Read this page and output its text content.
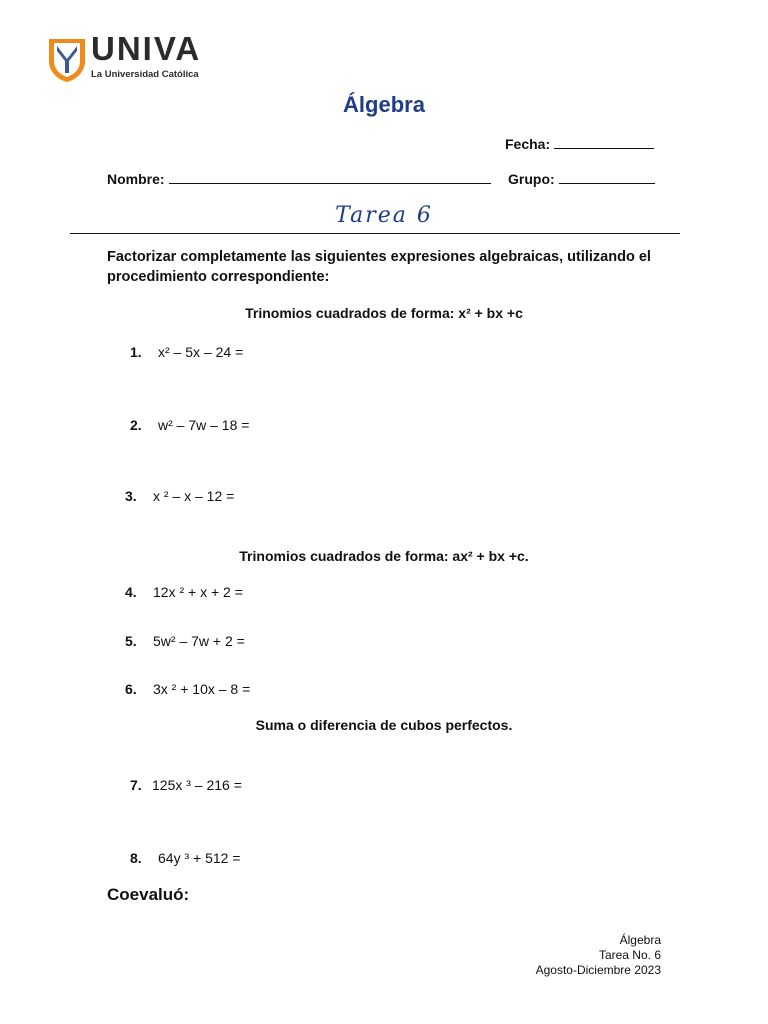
UNIVA
La Universidad Católica
Álgebra
Fecha:
Nombre:	Grupo:
Tarea 6
Factorizar completamente las siguientes expresiones algebraicas, utilizando el procedimiento correspondiente:
Trinomios cuadrados de forma: x² + bx +c
1. x² – 5x – 24 =
2. w² – 7w – 18 =
3. x ² – x – 12 =
Trinomios cuadrados de forma: ax² + bx +c.
4. 12x ² + x + 2 =
5. 5w² – 7w + 2 =
6. 3x ² + 10x – 8 =
Suma o diferencia de cubos perfectos.
7. 125x ³ – 216 =
8. 64y ³ + 512 =
Coevaluó:
Álgebra
Tarea No. 6
Agosto-Diciembre 2023
